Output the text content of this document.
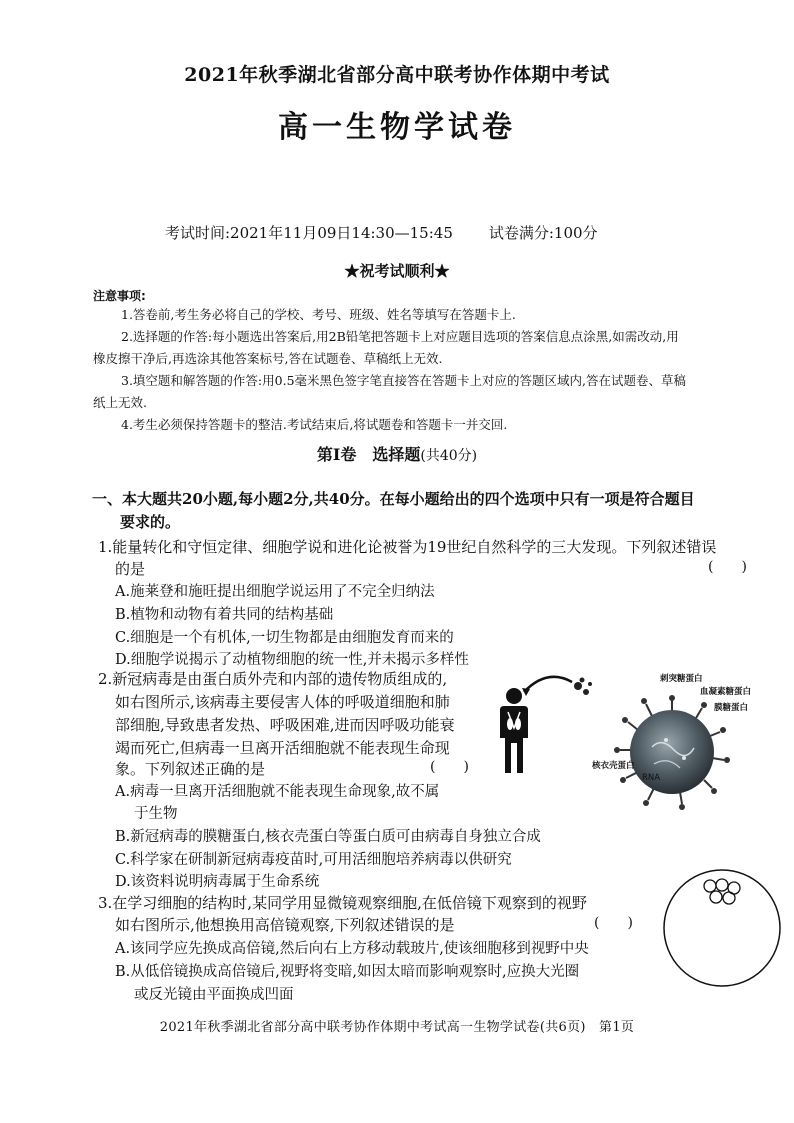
2021年秋季湖北省部分高中联考协作体期中考试
高一生物学试卷
考试时间:2021年11月09日14:30—15:45 试卷满分:100分
★祝考试顺利★
注意事项:
1.答卷前,考生务必将自己的学校、考号、班级、姓名等填写在答题卡上.
2.选择题的作答:每小题选出答案后,用2B铅笔把答题卡上对应题目选项的答案信息点涂黑,如需改动,用
橡皮擦干净后,再选涂其他答案标号,答在试题卷、草稿纸上无效.
3.填空题和解答题的作答:用0.5毫米黑色签字笔直接答在答题卡上对应的答题区域内,答在试题卷、草稿
纸上无效.
4.考生必须保持答题卡的整洁.考试结束后,将试题卷和答题卡一并交回.
第Ⅰ卷　选择题(共40分)
一、本大题共20小题,每小题2分,共40分。在每小题给出的四个选项中只有一项是符合题目
要求的。
1.能量转化和守恒定律、细胞学说和进化论被誉为19世纪自然科学的三大发现。下列叙述错误
的是	(　　)
A.施莱登和施旺提出细胞学说运用了不完全归纳法
B.植物和动物有着共同的结构基础
C.细胞是一个有机体,一切生物都是由细胞发育而来的
D.细胞学说揭示了动植物细胞的统一性,并未揭示多样性
2.新冠病毒是由蛋白质外壳和内部的遗传物质组成的,
如右图所示,该病毒主要侵害人体的呼吸道细胞和肺
部细胞,导致患者发热、呼吸困难,进而因呼吸功能衰
竭而死亡,但病毒一旦离开活细胞就不能表现生命现
象。下列叙述正确的是	(　　)
A.病毒一旦离开活细胞就不能表现生命现象,故不属
于生物
B.新冠病毒的膜糖蛋白,核衣壳蛋白等蛋白质可由病毒自身独立合成
C.科学家在研制新冠病毒疫苗时,可用活细胞培养病毒以供研究
D.该资料说明病毒属于生命系统
刺突糖蛋白
血凝素糖蛋白
膜糖蛋白
核衣壳蛋白
RNA
3.在学习细胞的结构时,某同学用显微镜观察细胞,在低倍镜下观察到的视野
如右图所示,他想换用高倍镜观察,下列叙述错误的是	(　　)
A.该同学应先换成高倍镜,然后向右上方移动载玻片,使该细胞移到视野中央
B.从低倍镜换成高倍镜后,视野将变暗,如因太暗而影响观察时,应换大光圈
或反光镜由平面换成凹面
2021年秋季湖北省部分高中联考协作体期中考试高一生物学试卷(共6页)　第1页
